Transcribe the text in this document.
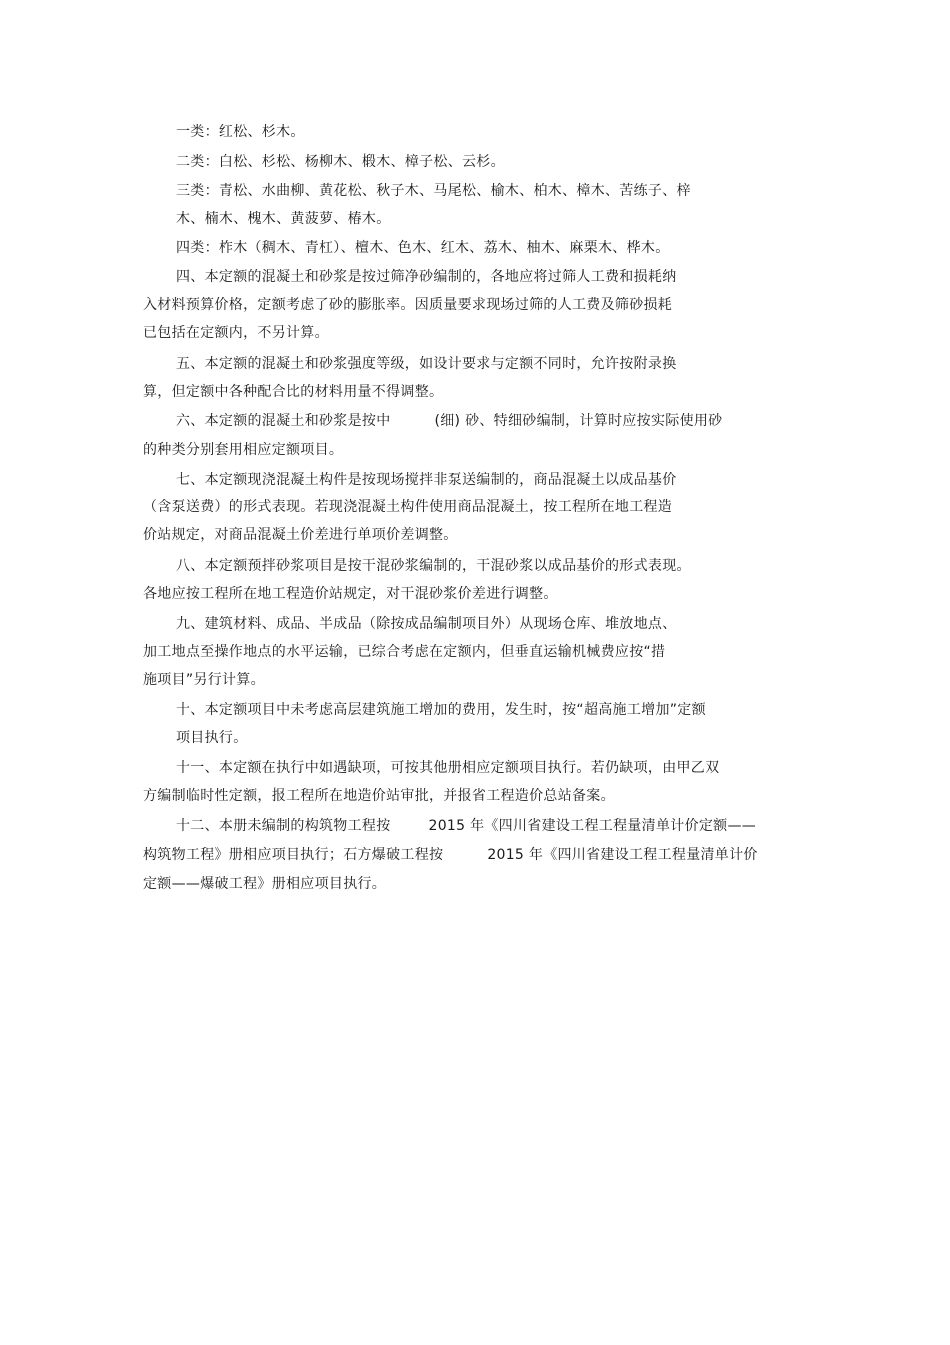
一类：红松、杉木。
二类：白松、杉松、杨柳木、椴木、樟子松、云杉。
三类：青松、水曲柳、黄花松、秋子木、马尾松、榆木、柏木、樟木、苦练子、梓
木、楠木、槐木、黄菠萝、椿木。
四类：柞木（稠木、青杠）、檀木、色木、红木、荔木、柚木、麻栗木、桦木。
四、本定额的混凝土和砂浆是按过筛净砂编制的，各地应将过筛人工费和损耗纳
入材料预算价格，定额考虑了砂的膨胀率。因质量要求现场过筛的人工费及筛砂损耗
已包括在定额内，不另计算。
五、本定额的混凝土和砂浆强度等级，如设计要求与定额不同时，允许按附录换
算，但定额中各种配合比的材料用量不得调整。
六、本定额的混凝土和砂浆是按中	(细) 砂、特细砂编制，计算时应按实际使用砂
的种类分别套用相应定额项目。
七、本定额现浇混凝土构件是按现场搅拌非泵送编制的，商品混凝土以成品基价
（含泵送费）的形式表现。若现浇混凝土构件使用商品混凝土，按工程所在地工程造
价站规定，对商品混凝土价差进行单项价差调整。
八、本定额预拌砂浆项目是按干混砂浆编制的，干混砂浆以成品基价的形式表现。
各地应按工程所在地工程造价站规定，对干混砂浆价差进行调整。
九、建筑材料、成品、半成品（除按成品编制项目外）从现场仓库、堆放地点、
加工地点至操作地点的水平运输，已综合考虑在定额内，但垂直运输机械费应按“措
施项目”另行计算。
十、本定额项目中未考虑高层建筑施工增加的费用，发生时，按“超高施工增加”定额
项目执行。
十一、本定额在执行中如遇缺项，可按其他册相应定额项目执行。若仍缺项，由甲乙双
方编制临时性定额，报工程所在地造价站审批，并报省工程造价总站备案。
十二、本册未编制的构筑物工程按	2015 年《四川省建设工程工程量清单计价定额——
构筑物工程》册相应项目执行；石方爆破工程按	2015 年《四川省建设工程工程量清单计价
定额——爆破工程》册相应项目执行。
